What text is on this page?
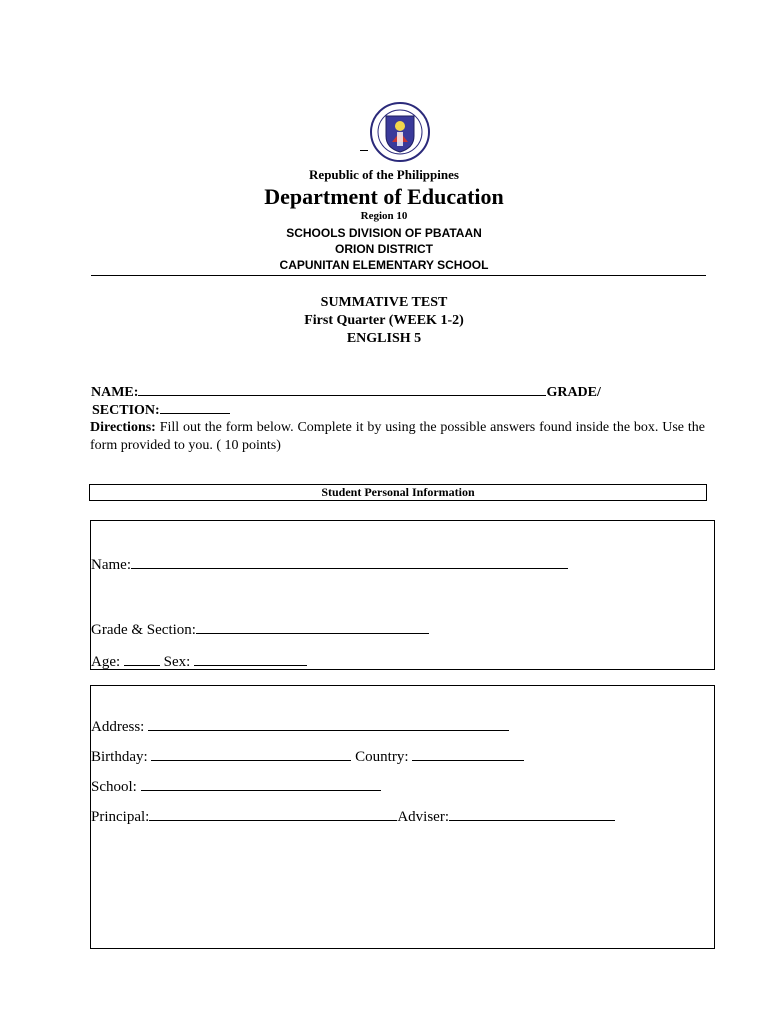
Republic of the Philippines
Department of Education
Region 10
SCHOOLS DIVISION OF PBATAAN
ORION DISTRICT
CAPUNITAN ELEMENTARY SCHOOL
SUMMATIVE TEST
First Quarter (WEEK 1-2)
ENGLISH 5
NAME:	GRADE/
SECTION:
Directions: Fill out the form below. Complete it by using the possible answers found inside the box. Use the form provided to you. ( 10 points)
Student Personal Information
Name:
Grade & Section:
Age:  Sex:
Address:
Birthday:	Country:
School:
Principal:	Adviser:
